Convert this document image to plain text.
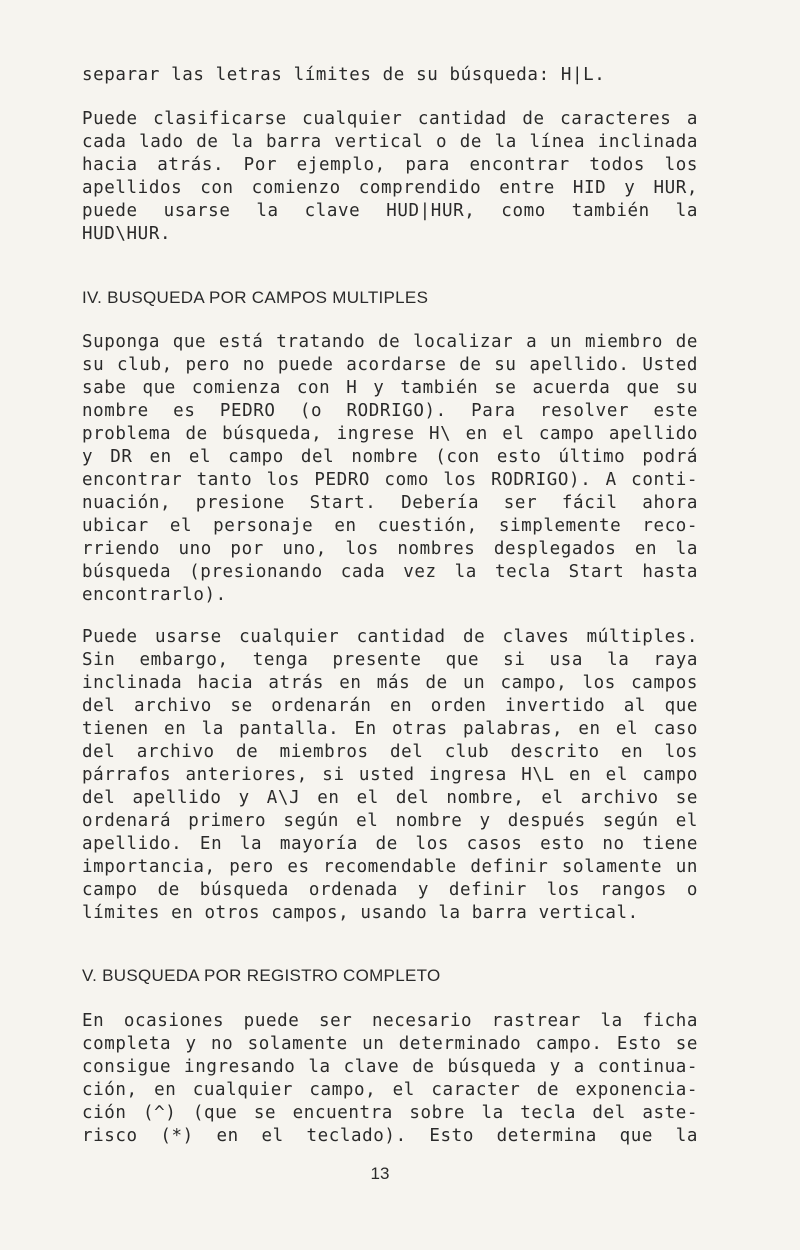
separar las letras límites de su búsqueda: H|L.
Puede clasificarse cualquier cantidad de caracteres a
cada lado de la barra vertical o de la línea inclinada
hacia atrás. Por ejemplo, para encontrar todos los
apellidos con comienzo comprendido entre HID y HUR,
puede usarse la clave HUD|HUR, como también la
HUD\HUR.
IV. BUSQUEDA POR CAMPOS MULTIPLES
Suponga que está tratando de localizar a un miembro de
su club, pero no puede acordarse de su apellido. Usted
sabe que comienza con H y también se acuerda que su
nombre es PEDRO (o RODRIGO). Para resolver este
problema de búsqueda, ingrese H\ en el campo apellido
y DR en el campo del nombre (con esto último podrá
encontrar tanto los PEDRO como los RODRIGO). A conti-
nuación, presione Start. Debería ser fácil ahora
ubicar el personaje en cuestión, simplemente reco-
rriendo uno por uno, los nombres desplegados en la
búsqueda (presionando cada vez la tecla Start hasta
encontrarlo).
Puede usarse cualquier cantidad de claves múltiples.
Sin embargo, tenga presente que si usa la raya
inclinada hacia atrás en más de un campo, los campos
del archivo se ordenarán en orden invertido al que
tienen en la pantalla. En otras palabras, en el caso
del archivo de miembros del club descrito en los
párrafos anteriores, si usted ingresa H\L en el campo
del apellido y A\J en el del nombre, el archivo se
ordenará primero según el nombre y después según el
apellido. En la mayoría de los casos esto no tiene
importancia, pero es recomendable definir solamente un
campo de búsqueda ordenada y definir los rangos o
límites en otros campos, usando la barra vertical.
V. BUSQUEDA POR REGISTRO COMPLETO
En ocasiones puede ser necesario rastrear la ficha
completa y no solamente un determinado campo. Esto se
consigue ingresando la clave de búsqueda y a continua-
ción, en cualquier campo, el caracter de exponencia-
ción (^) (que se encuentra sobre la tecla del aste-
risco (*) en el teclado). Esto determina que la
13
